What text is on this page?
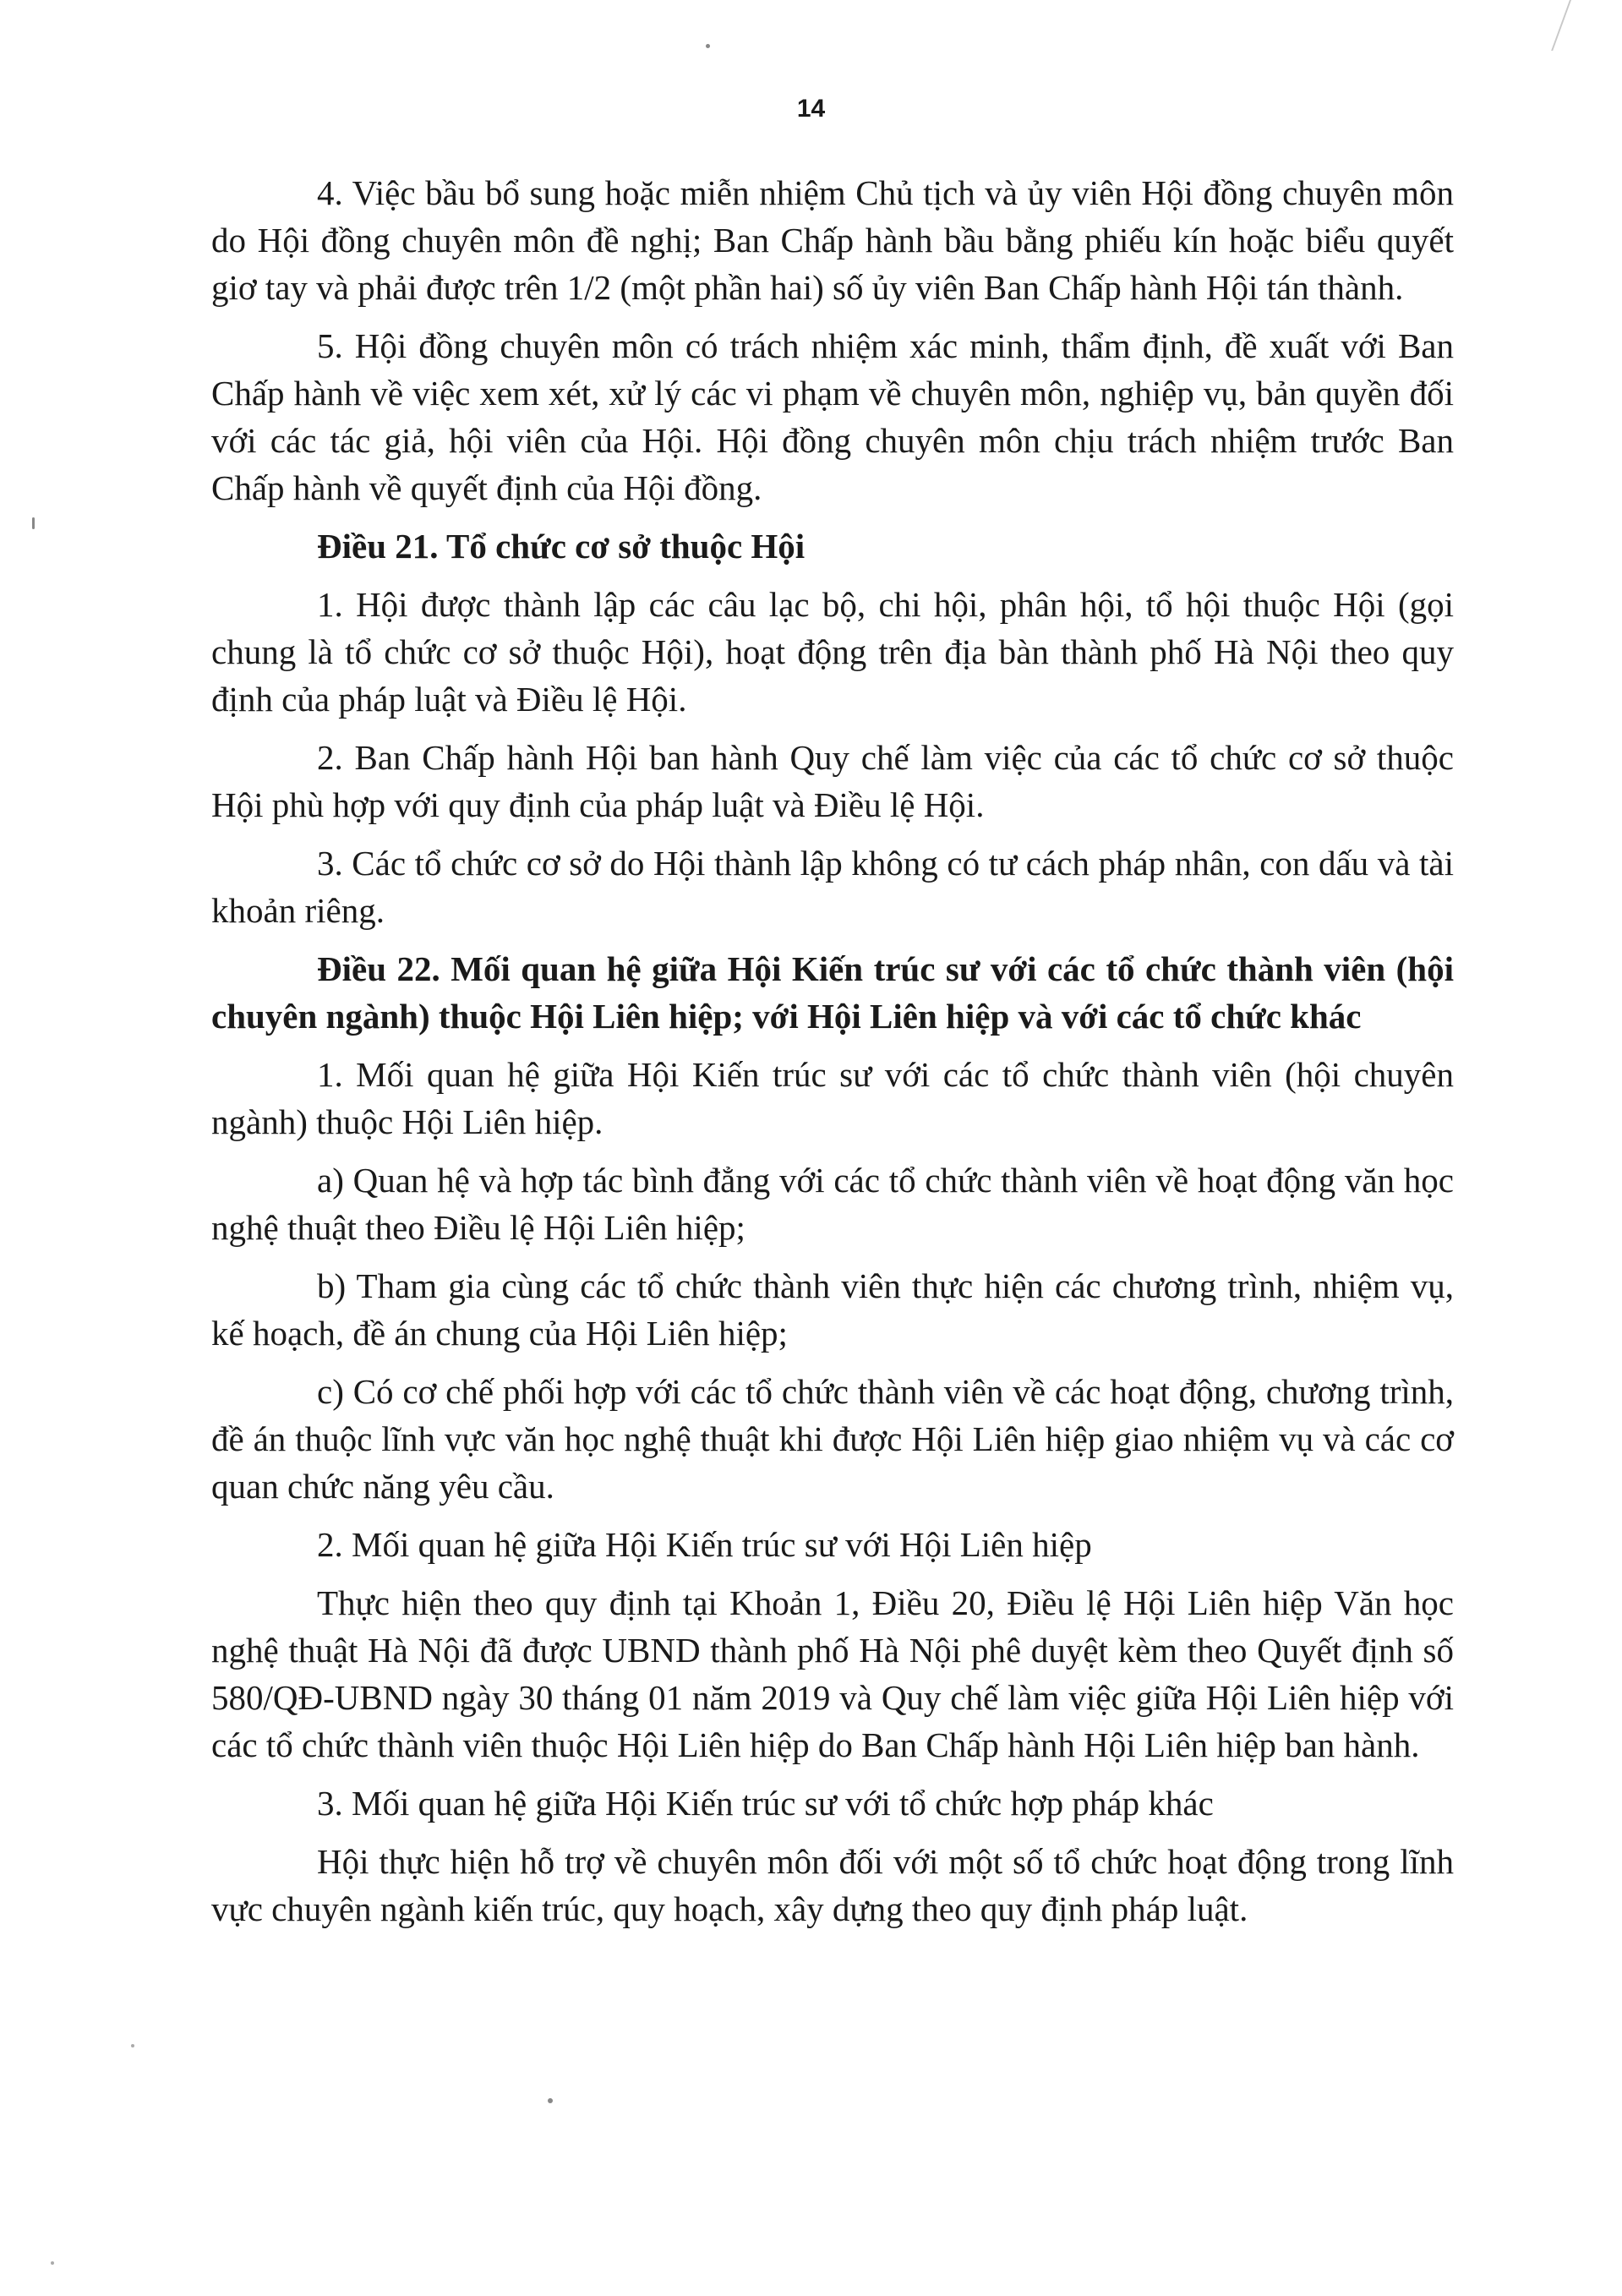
14

4. Việc bầu bổ sung hoặc miễn nhiệm Chủ tịch và ủy viên Hội đồng chuyên môn do Hội đồng chuyên môn đề nghị; Ban Chấp hành bầu bằng phiếu kín hoặc biểu quyết giơ tay và phải được trên 1/2 (một phần hai) số ủy viên Ban Chấp hành Hội tán thành.

5. Hội đồng chuyên môn có trách nhiệm xác minh, thẩm định, đề xuất với Ban Chấp hành về việc xem xét, xử lý các vi phạm về chuyên môn, nghiệp vụ, bản quyền đối với các tác giả, hội viên của Hội. Hội đồng chuyên môn chịu trách nhiệm trước Ban Chấp hành về quyết định của Hội đồng.

Điều 21. Tổ chức cơ sở thuộc Hội

1. Hội được thành lập các câu lạc bộ, chi hội, phân hội, tổ hội thuộc Hội (gọi chung là tổ chức cơ sở thuộc Hội), hoạt động trên địa bàn thành phố Hà Nội theo quy định của pháp luật và Điều lệ Hội.

2. Ban Chấp hành Hội ban hành Quy chế làm việc của các tổ chức cơ sở thuộc Hội phù hợp với quy định của pháp luật và Điều lệ Hội.

3. Các tổ chức cơ sở do Hội thành lập không có tư cách pháp nhân, con dấu và tài khoản riêng.

Điều 22. Mối quan hệ giữa Hội Kiến trúc sư với các tổ chức thành viên (hội chuyên ngành) thuộc Hội Liên hiệp; với Hội Liên hiệp và với các tổ chức khác

1. Mối quan hệ giữa Hội Kiến trúc sư với các tổ chức thành viên (hội chuyên ngành) thuộc Hội Liên hiệp.

a) Quan hệ và hợp tác bình đẳng với các tổ chức thành viên về hoạt động văn học nghệ thuật theo Điều lệ Hội Liên hiệp;

b) Tham gia cùng các tổ chức thành viên thực hiện các chương trình, nhiệm vụ, kế hoạch, đề án chung của Hội Liên hiệp;

c) Có cơ chế phối hợp với các tổ chức thành viên về các hoạt động, chương trình, đề án thuộc lĩnh vực văn học nghệ thuật khi được Hội Liên hiệp giao nhiệm vụ và các cơ quan chức năng yêu cầu.

2. Mối quan hệ giữa Hội Kiến trúc sư với Hội Liên hiệp

Thực hiện theo quy định tại Khoản 1, Điều 20, Điều lệ Hội Liên hiệp Văn học nghệ thuật Hà Nội đã được UBND thành phố Hà Nội phê duyệt kèm theo Quyết định số 580/QĐ-UBND ngày 30 tháng 01 năm 2019 và Quy chế làm việc giữa Hội Liên hiệp với các tổ chức thành viên thuộc Hội Liên hiệp do Ban Chấp hành Hội Liên hiệp ban hành.

3. Mối quan hệ giữa Hội Kiến trúc sư với tổ chức hợp pháp khác

Hội thực hiện hỗ trợ về chuyên môn đối với một số tổ chức hoạt động trong lĩnh vực chuyên ngành kiến trúc, quy hoạch, xây dựng theo quy định pháp luật.
